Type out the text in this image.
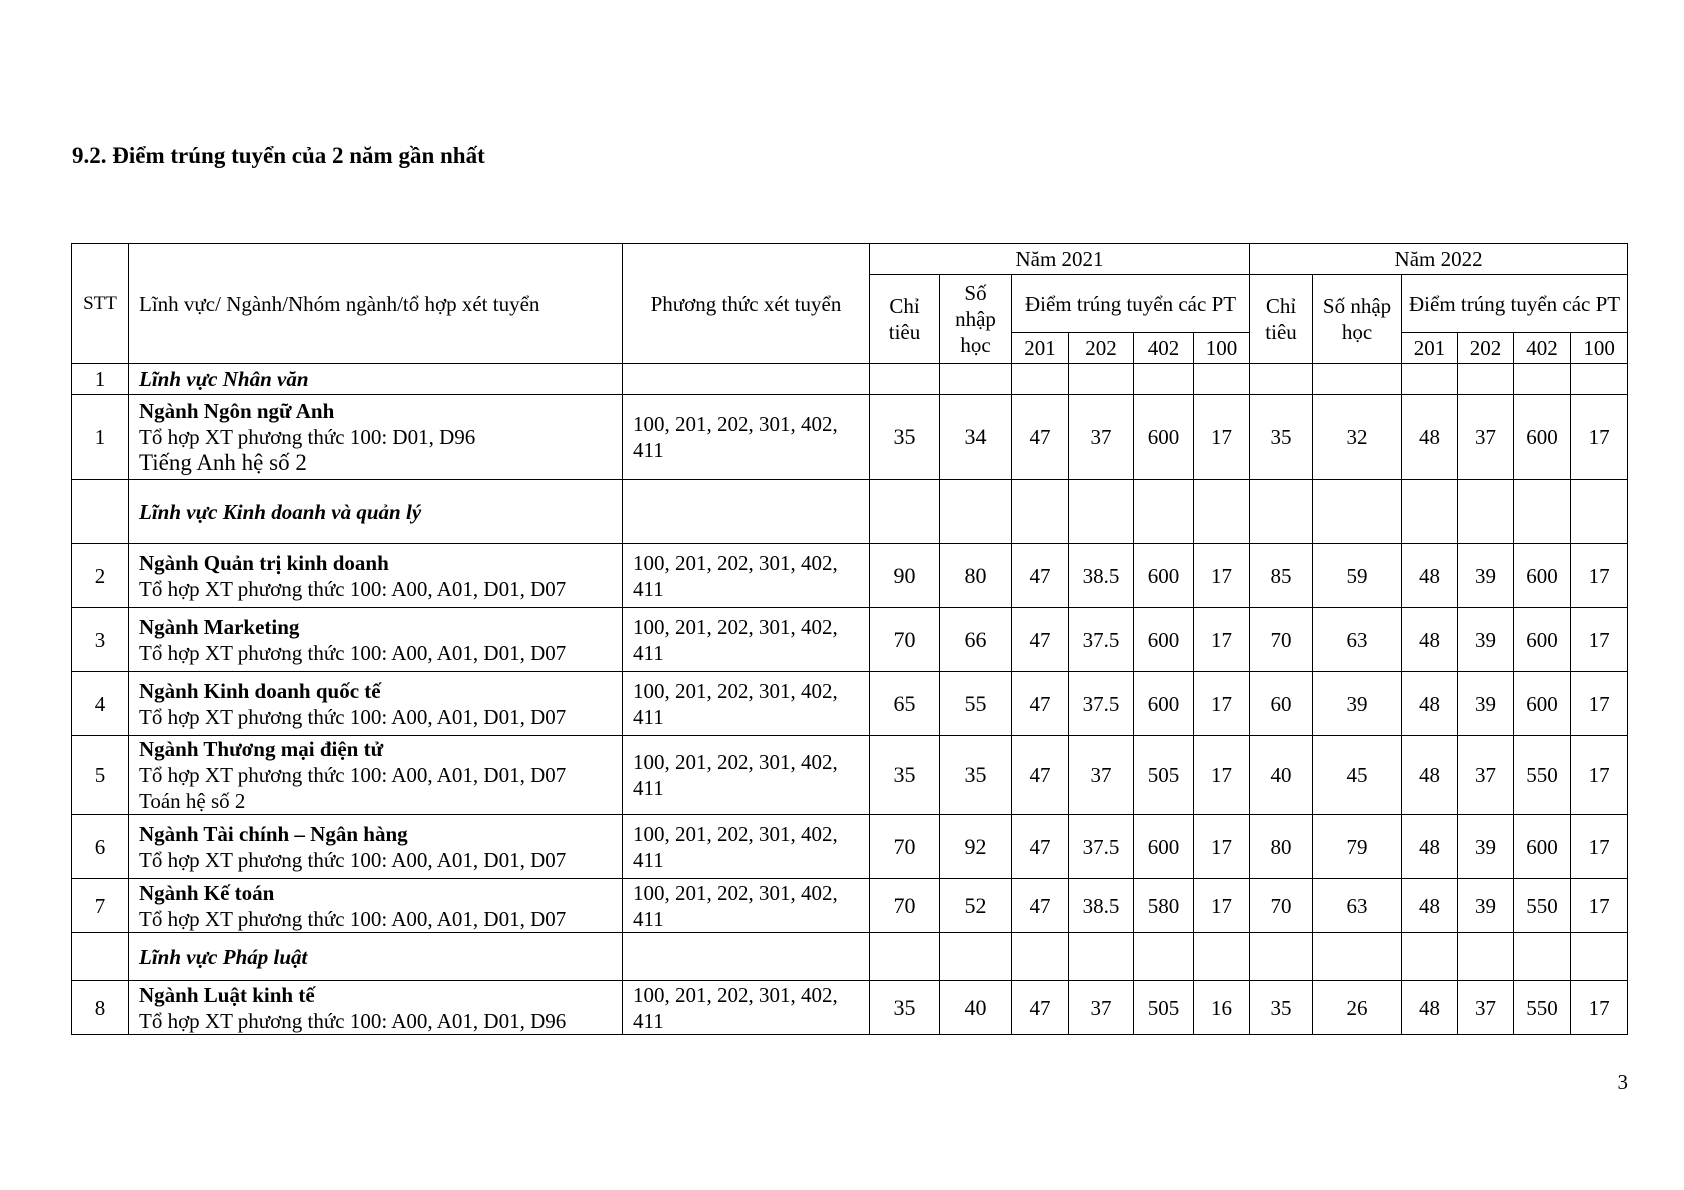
9.2. Điểm trúng tuyển của 2 năm gần nhất
STT	Lĩnh vực/ Ngành/Nhóm ngành/tổ hợp xét tuyển	Phương thức xét tuyển	Năm 2021						Năm 2022					
			Chỉ tiêu	Số nhập học	Điểm trúng tuyển các PT				Chỉ tiêu	Số nhập học	Điểm trúng tuyển các PT			
					201	202	402	100			201	202	402	100
1	Lĩnh vực Nhân văn													
1	Ngành Ngôn ngữ Anh
Tổ hợp XT phương thức 100: D01, D96
Tiếng Anh hệ số 2	100, 201, 202, 301, 402, 411	35	34	47	37	600	17	35	32	48	37	600	17
	Lĩnh vực Kinh doanh và quản lý													
2	Ngành Quản trị kinh doanh
Tổ hợp XT phương thức 100: A00, A01, D01, D07	100, 201, 202, 301, 402, 411	90	80	47	38.5	600	17	85	59	48	39	600	17
3	Ngành Marketing
Tổ hợp XT phương thức 100: A00, A01, D01, D07	100, 201, 202, 301, 402, 411	70	66	47	37.5	600	17	70	63	48	39	600	17
4	Ngành Kinh doanh quốc tế
Tổ hợp XT phương thức 100: A00, A01, D01, D07	100, 201, 202, 301, 402, 411	65	55	47	37.5	600	17	60	39	48	39	600	17
5	Ngành Thương mại điện tử
Tổ hợp XT phương thức 100: A00, A01, D01, D07
Toán hệ số 2	100, 201, 202, 301, 402, 411	35	35	47	37	505	17	40	45	48	37	550	17
6	Ngành Tài chính – Ngân hàng
Tổ hợp XT phương thức 100: A00, A01, D01, D07	100, 201, 202, 301, 402, 411	70	92	47	37.5	600	17	80	79	48	39	600	17
7	Ngành Kế toán
Tổ hợp XT phương thức 100: A00, A01, D01, D07	100, 201, 202, 301, 402, 411	70	52	47	38.5	580	17	70	63	48	39	550	17
	Lĩnh vực Pháp luật													
8	Ngành Luật kinh tế
Tổ hợp XT phương thức 100: A00, A01, D01, D96	100, 201, 202, 301, 402, 411	35	40	47	37	505	16	35	26	48	37	550	17
3
